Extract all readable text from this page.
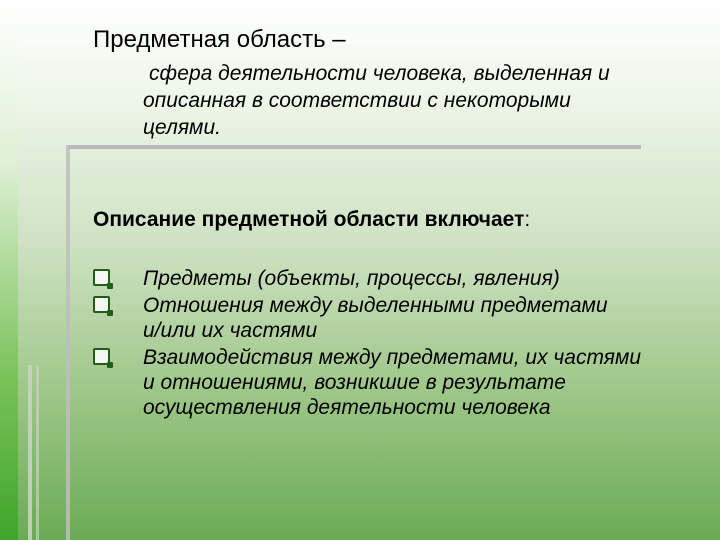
Предметная область –
сфера деятельности человека, выделенная и
описанная в соответствии с некоторыми
целями.
Описание предметной области включает:
Предметы (объекты, процессы, явления)
Отношения между выделенными предметами
и/или их частями
Взаимодействия между предметами, их частями
и отношениями, возникшие в результате
осуществления деятельности человека
